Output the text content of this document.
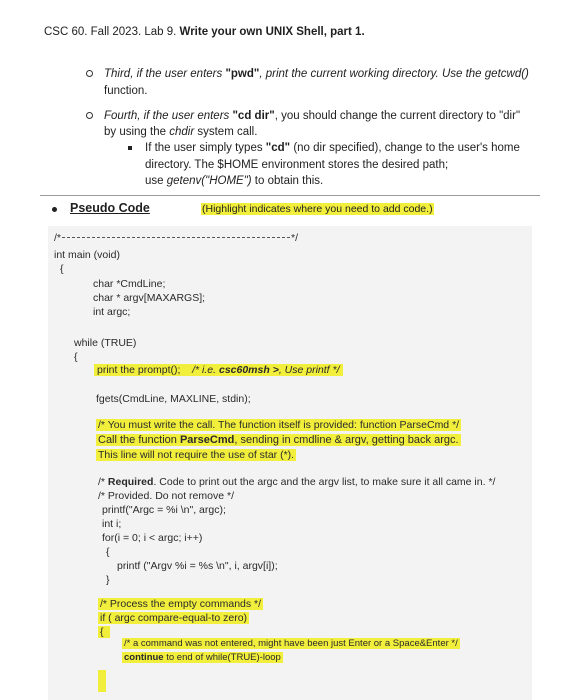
CSC 60. Fall 2023. Lab 9. Write your own UNIX Shell, part 1.
Third, if the user enters "pwd", print the current working directory. Use the getcwd()
function.
Fourth, if the user enters "cd dir", you should change the current directory to "dir"
by using the chdir system call.
If the user simply types "cd" (no dir specified), change to the user's home
directory. The $HOME environment stores the desired path;
use getenv("HOME") to obtain this.
Pseudo Code	(Highlight indicates where you need to add code.)
/*	*/
int main (void)
{
char *CmdLine;
char * argv[MAXARGS];
int argc;
while (TRUE)
{
print the prompt(); /* i.e. csc60msh >, Use printf */
fgets(CmdLine, MAXLINE, stdin);
/* You must write the call. The function itself is provided: function ParseCmd */
Call the function ParseCmd, sending in cmdline & argv, getting back argc.
This line will not require the use of star (*).
/* Required. Code to print out the argc and the argv list, to make sure it all came in. */
/* Provided. Do not remove */
printf("Argc = %i \n", argc);
int i;
for(i = 0; i < argc; i++)
{
printf ("Argv %i = %s \n", i, argv[i]);
}
/* Process the empty commands */
if ( argc compare-equal-to zero)
{
/* a command was not entered, might have been just Enter or a Space&Enter */
continue to end of while(TRUE)-loop
